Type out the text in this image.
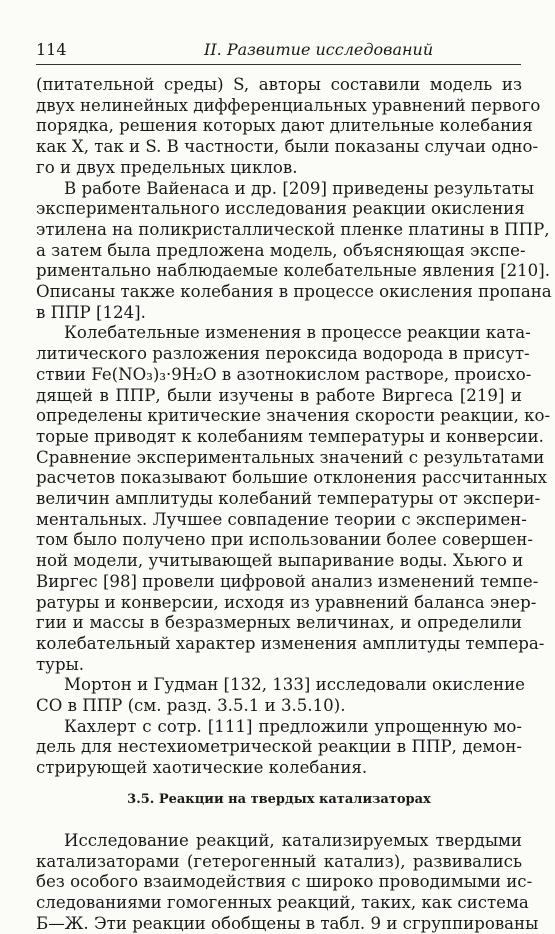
114	II. Развитие исследований
(питательной среды) S, авторы составили модель из
двух нелинейных дифференциальных уравнений первого
порядка, решения которых дают длительные колебания
как X, так и S. В частности, были показаны случаи одно-
го и двух предельных циклов.
В работе Вайенаса и др. [209] приведены результаты
экспериментального исследования реакции окисления
этилена на поликристаллической пленке платины в ППР,
а затем была предложена модель, объясняющая экспе-
риментально наблюдаемые колебательные явления [210].
Описаны также колебания в процессе окисления пропана
в ППР [124].
Колебательные изменения в процессе реакции ката-
литического разложения пероксида водорода в присут-
ствии Fe(NO₃)₃·9H₂O в азотнокислом растворе, происхо-
дящей в ППР, были изучены в работе Виргеса [219] и
определены критические значения скорости реакции, ко-
торые приводят к колебаниям температуры и конверсии.
Сравнение экспериментальных значений с результатами
расчетов показывают большие отклонения рассчитанных
величин амплитуды колебаний температуры от экспери-
ментальных. Лучшее совпадение теории с эксперимен-
том было получено при использовании более совершен-
ной модели, учитывающей выпаривание воды. Хьюго и
Виргес [98] провели цифровой анализ изменений темпе-
ратуры и конверсии, исходя из уравнений баланса энер-
гии и массы в безразмерных величинах, и определили
колебательный характер изменения амплитуды темпера-
туры.
Мортон и Гудман [132, 133] исследовали окисление
CO в ППР (см. разд. 3.5.1 и 3.5.10).
Кахлерт с сотр. [111] предложили упрощенную мо-
дель для нестехиометрической реакции в ППР, демон-
стрирующей хаотические колебания.
3.5. Реакции на твердых катализаторах
Исследование реакций, катализируемых твердыми
катализаторами (гетерогенный катализ), развивались
без особого взаимодействия с широко проводимыми ис-
следованиями гомогенных реакций, таких, как система
Б—Ж. Эти реакции обобщены в табл. 9 и сгруппированы
